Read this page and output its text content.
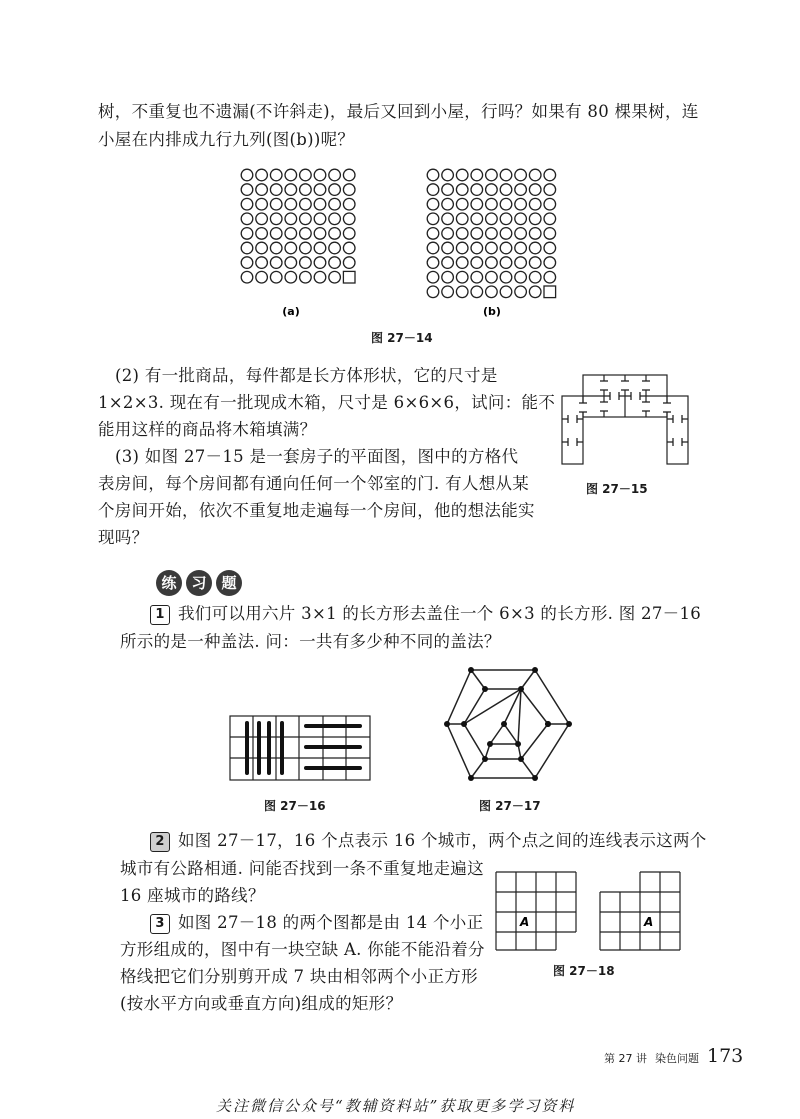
树，不重复也不遗漏(不许斜走)，最后又回到小屋，行吗？如果有 80 棵果树，连
小屋在内排成九行九列(图(b))呢？
(a)	(b)
图 27－14
(2) 有一批商品，每件都是长方体形状，它的尺寸是
1×2×3. 现在有一批现成木箱，尺寸是 6×6×6，试问：能不
能用这样的商品将木箱填满？
(3) 如图 27－15 是一套房子的平面图，图中的方格代
表房间，每个房间都有通向任何一个邻室的门. 有人想从某
个房间开始，依次不重复地走遍每一个房间，他的想法能实
现吗？
图 27－15
练 习 题
1 我们可以用六片 3×1 的长方形去盖住一个 6×3 的长方形. 图 27－16
所示的是一种盖法. 问：一共有多少种不同的盖法？
图 27－16	图 27－17
2 如图 27－17，16 个点表示 16 个城市，两个点之间的连线表示这两个
城市有公路相通. 问能否找到一条不重复地走遍这
16 座城市的路线？
3 如图 27－18 的两个图都是由 14 个小正
方形组成的，图中有一块空缺 A. 你能不能沿着分
格线把它们分别剪开成 7 块由相邻两个小正方形
(按水平方向或垂直方向)组成的矩形？
A	A
图 27－18
第 27 讲 染色问题 173
关注微信公众号“教辅资料站”获取更多学习资料
